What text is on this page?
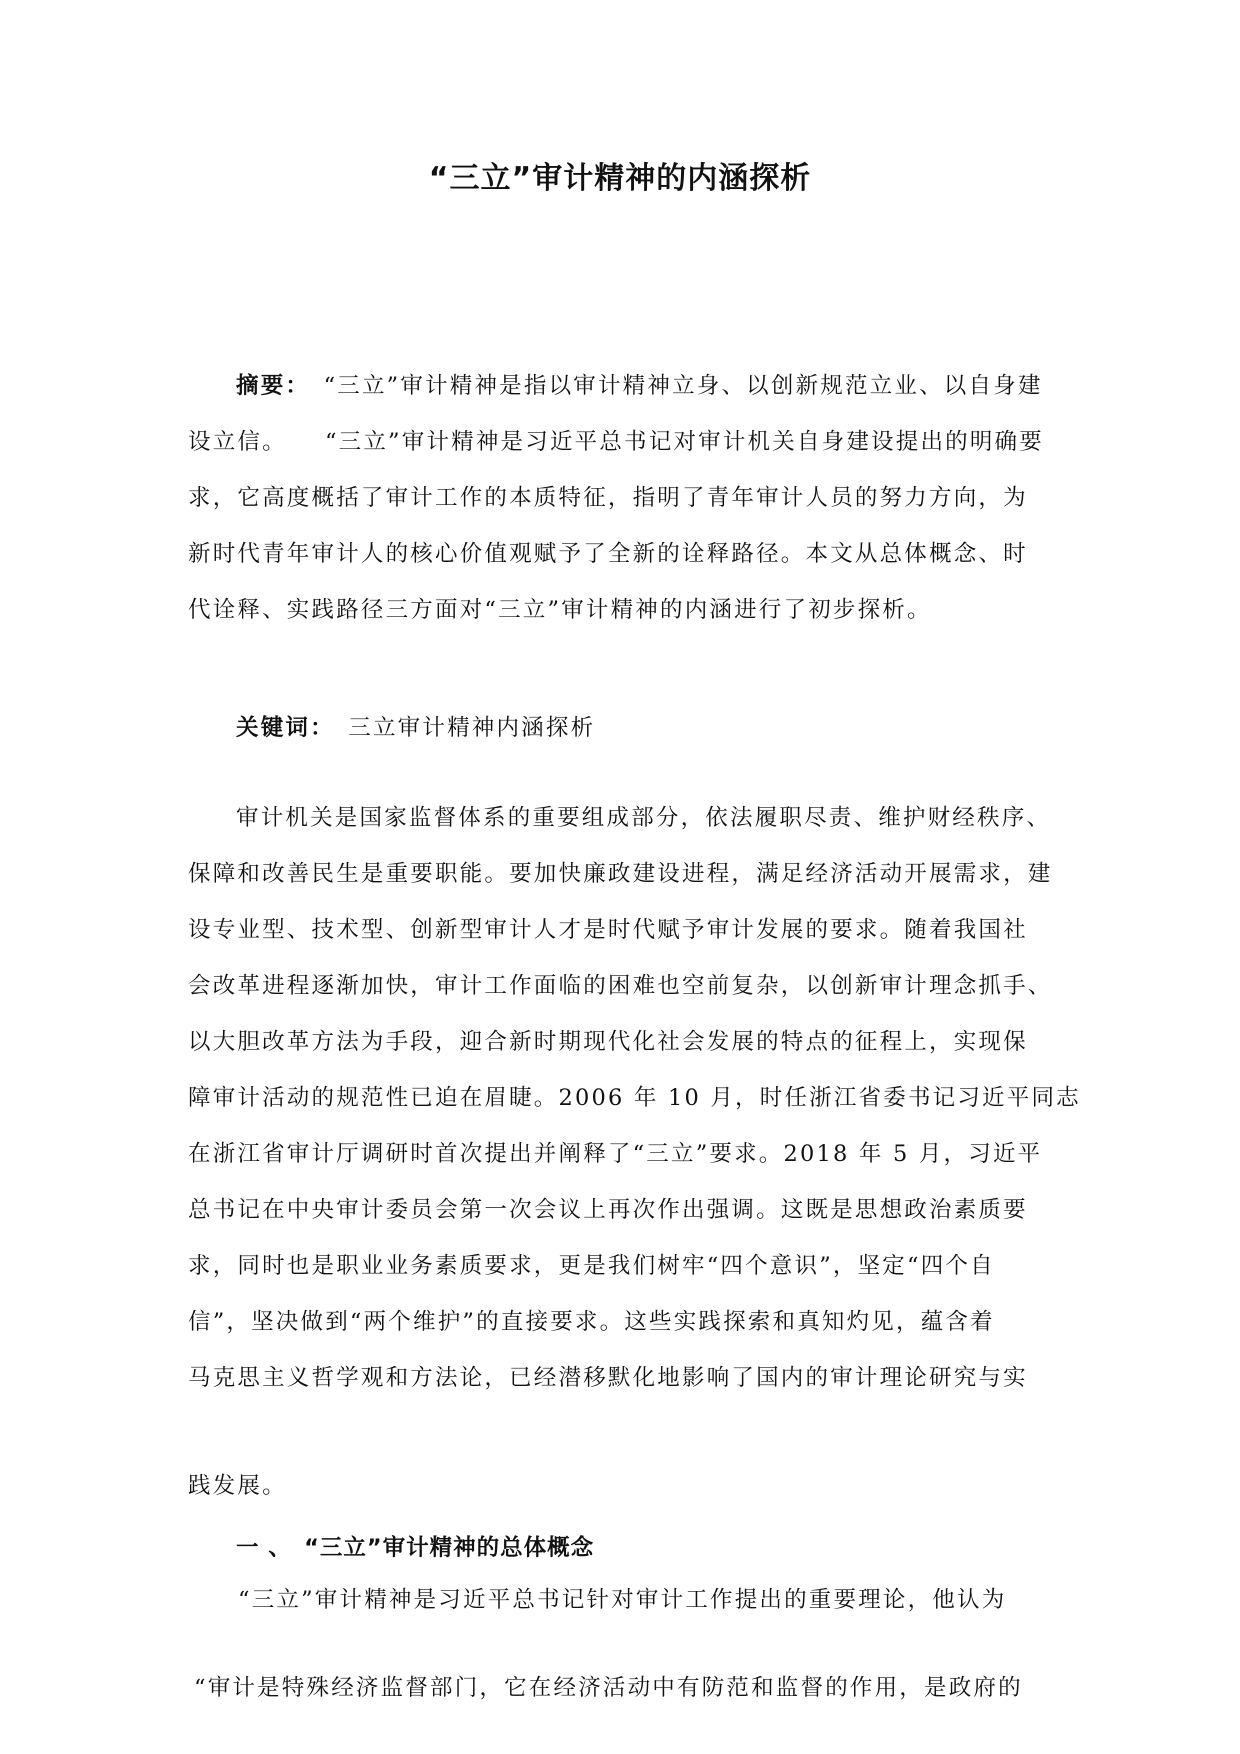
“三立”审计精神的内涵探析
摘要：　 “三立”审计精神是指以审计精神立身、以创新规范立业、以自身建
设立信。　　“三立”审计精神是习近平总书记对审计机关自身建设提出的明确要
求，它高度概括了审计工作的本质特征，指明了青年审计人员的努力方向，为
新时代青年审计人的核心价值观赋予了全新的诠释路径。本文从总体概念、时
代诠释、实践路径三方面对“三立”审计精神的内涵进行了初步探析。
关键词：　 三立审计精神内涵探析
审计机关是国家监督体系的重要组成部分，依法履职尽责、维护财经秩序、
保障和改善民生是重要职能。要加快廉政建设进程，满足经济活动开展需求，建
设专业型、技术型、创新型审计人才是时代赋予审计发展的要求。随着我国社
会改革进程逐渐加快，审计工作面临的困难也空前复杂，以创新审计理念抓手、
以大胆改革方法为手段，迎合新时期现代化社会发展的特点的征程上，实现保
障审计活动的规范性已迫在眉睫。2006 年 10 月，时任浙江省委书记习近平同志
在浙江省审计厅调研时首次提出并阐释了“三立”要求。2018 年 5 月，习近平
总书记在中央审计委员会第一次会议上再次作出强调。这既是思想政治素质要
求，同时也是职业业务素质要求，更是我们树牢“四个意识”，坚定“四个自
信”，坚决做到“两个维护”的直接要求。这些实践探索和真知灼见，蕴含着
马克思主义哲学观和方法论，已经潜移默化地影响了国内的审计理论研究与实
践发展。
一 、　“三立”审计精神的总体概念
“三立”审计精神是习近平总书记针对审计工作提出的重要理论，他认为
“审计是特殊经济监督部门，它在经济活动中有防范和监督的作用，是政府的
